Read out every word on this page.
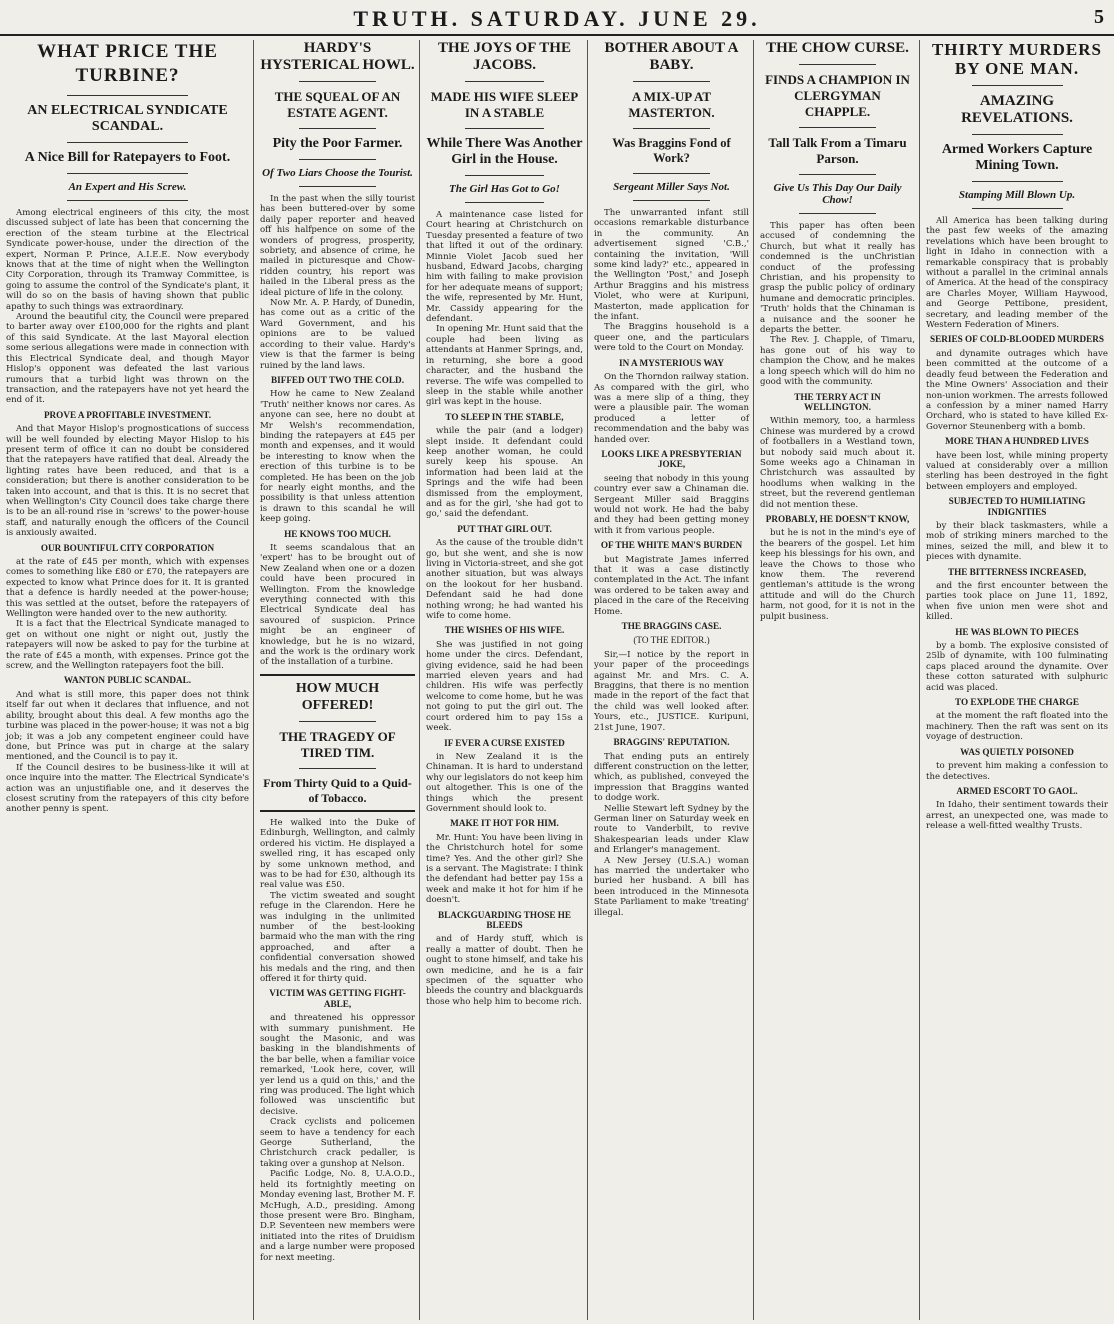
TRUTH. SATURDAY. JUNE 29.	5
WHAT PRICE THE TURBINE?
AN ELECTRICAL SYNDICATE SCANDAL.
A Nice Bill for Ratepayers to Foot.
An Expert and His Screw.

Among electrical engineers of this city, the most discussed subject of late has been that concerning the erection of the steam turbine at the Electrical Syndicate power-house, under the direction of the expert, Norman P. Prince, A.I.E.E. Now everybody knows that at the time of night when the Wellington City Corporation, through its Tramway Committee, is going to assume the control of the Syndicate's plant, it will do so on the basis of having shown that public apathy to such things was extraordinary.

Around the beautiful city, the Council were prepared to barter away over £100,000 for the rights and plant of this said Syndicate. At the last Mayoral election some serious allegations were made in connection with this Electrical Syndicate deal, and though Mayor Hislop's opponent was defeated the last various rumours that a turbid light was thrown on the transaction, and the ratepayers have not yet heard the end of it.

PROVE A PROFITABLE INVESTMENT.

And that Mayor Hislop's prognostications of success will be well founded by electing Mayor Hislop to his present term of office it can no doubt be considered that the ratepayers have ratified that deal. Already the lighting rates have been reduced, and that is a consideration; but there is another consideration to be taken into account, and that is this. It is no secret that when Wellington's City Council does take charge there is to be an all-round rise in 'screws' to the power-house staff, and naturally enough the officers of the Council is anxiously awaited.

OUR BOUNTIFUL CITY CORPORATION

at the rate of £45 per month, which with expenses comes to something like £80 or £70, the ratepayers are expected to know what Prince does for it. It is granted that a defence is hardly needed at the power-house; this was settled at the outset, before the ratepayers of Wellington were handed over to the new authority.

It is a fact that the Electrical Syndicate managed to get on without one night or night out, justly the ratepayers will now be asked to pay for the turbine at the rate of £45 a month, with expenses. Prince got the screw, and the Wellington ratepayers foot the bill.

WANTON PUBLIC SCANDAL.

And what is still more, this paper does not think itself far out when it declares that influence, and not ability, brought about this deal. A few months ago the turbine was placed in the power-house; it was not a big job; it was a job any competent engineer could have done, but Prince was put in charge at the salary mentioned, and the Council is to pay it.

If the Council desires to be business-like it will at once inquire into the matter. The Electrical Syndicate's action was an unjustifiable one, and it deserves the closest scrutiny from the ratepayers of this city before another penny is spent.

HARDY'S HYSTERICAL HOWL.
THE SQUEAL OF AN ESTATE AGENT.
Pity the Poor Farmer.
Of Two Liars Choose the Tourist.

In the past when the silly tourist has been buttered-over by some daily paper reporter and heaved off his halfpence on some of the wonders of progress, prosperity, sobriety, and absence of crime, he mailed in picturesque and Chow-ridden country, his report was hailed in the Liberal press as the ideal picture of life in the colony.

Now Mr. A. P. Hardy, of Dunedin, has come out as a critic of the Ward Government, and his opinions are to be valued according to their value. Hardy's view is that the farmer is being ruined by the land laws.

BIFFED OUT TWO THE COLD.

How he came to New Zealand 'Truth' neither knows nor cares. As anyone can see, here no doubt at Mr Welsh's recommendation, binding the ratepayers at £45 per month and expenses, and it would be interesting to know when the erection of this turbine is to be completed. He has been on the job for nearly eight months, and the possibility is that unless attention is drawn to this scandal he will keep going.

HE KNOWS TOO MUCH.

It seems scandalous that an 'expert' has to be brought out of New Zealand when one or a dozen could have been procured in Wellington. From the knowledge everything connected with this Electrical Syndicate deal has savoured of suspicion. Prince might be an engineer of knowledge, but he is no wizard, and the work is the ordinary work of the installation of a turbine.

HOW MUCH OFFERED!
THE TRAGEDY OF TIRED TIM.
From Thirty Quid to a Quid-of Tobacco.

He walked into the Duke of Edinburgh, Wellington, and calmly ordered his victim. He displayed a swelled ring, it has escaped only by some unknown method, and was to be had for £30, although its real value was £50.

The victim sweated and sought refuge in the Clarendon. Here he was indulging in the unlimited number of the best-looking barmaid who the man with the ring approached, and after a confidential conversation showed his medals and the ring, and then offered it for thirty quid.

VICTIM WAS GETTING FIGHT-ABLE,

and threatened his oppressor with summary punishment. He sought the Masonic, and was basking in the blandishments of the bar belle, when a familiar voice remarked, 'Look here, cover, will yer lend us a quid on this,' and the ring was produced. The light which followed was unscientific but decisive.

Crack cyclists and policemen seem to have a tendency for each George Sutherland, the Christchurch crack pedaller, is taking over a gunshop at Nelson.

Pacific Lodge, No. 8, U.A.O.D., held its fortnightly meeting on Monday evening last, Brother M. F. McHugh, A.D., presiding. Among those present were Bro. Bingham, D.P. Seventeen new members were initiated into the rites of Druidism and a large number were proposed for next meeting.

THE JOYS OF THE JACOBS.
MADE HIS WIFE SLEEP IN A STABLE
While There Was Another Girl in the House.
The Girl Has Got to Go!

A maintenance case listed for Court hearing at Christchurch on Tuesday presented a feature of two that lifted it out of the ordinary. Minnie Violet Jacob sued her husband, Edward Jacobs, charging him with failing to make provision for her adequate means of support; the wife, represented by Mr. Hunt, Mr. Cassidy appearing for the defendant.

In opening Mr. Hunt said that the couple had been living as attendants at Hanmer Springs, and, in returning, she bore a good character, and the husband the reverse. The wife was compelled to sleep in the stable while another girl was kept in the house.

TO SLEEP IN THE STABLE,

while the pair (and a lodger) slept inside. It defendant could keep another woman, he could surely keep his spouse. An information had been laid at the Springs and the wife had been dismissed from the employment, and as for the girl, 'she had got to go,' said the defendant.

PUT THAT GIRL OUT.

As the cause of the trouble didn't go, but she went, and she is now living in Victoria-street, and she got another situation, but was always on the lookout for her husband. Defendant said he had done nothing wrong; he had wanted his wife to come home.

THE WISHES OF HIS WIFE.

She was justified in not going home under the circs. Defendant, giving evidence, said he had been married eleven years and had children. His wife was perfectly welcome to come home, but he was not going to put the girl out. The court ordered him to pay 15s a week.

IF EVER A CURSE EXISTED

in New Zealand it is the Chinaman. It is hard to understand why our legislators do not keep him out altogether. This is one of the things which the present Government should look to.

MAKE IT HOT FOR HIM.

Mr. Hunt: You have been living in the Christchurch hotel for some time? Yes. And the other girl? She is a servant. The Magistrate: I think the defendant had better pay 15s a week and make it hot for him if he doesn't.

BLACKGUARDING THOSE HE BLEEDS

and of Hardy stuff, which is really a matter of doubt. Then he ought to stone himself, and take his own medicine, and he is a fair specimen of the squatter who bleeds the country and blackguards those who help him to become rich.

BOTHER ABOUT A BABY.
A MIX-UP AT MASTERTON.
Was Braggins Fond of Work?
Sergeant Miller Says Not.

The unwarranted infant still occasions remarkable disturbance in the community. An advertisement signed 'C.B.,' containing the invitation, 'Will some kind lady?' etc., appeared in the Wellington 'Post,' and Joseph Arthur Braggins and his mistress Violet, who were at Kuripuni, Masterton, made application for the infant.

The Braggins household is a queer one, and the particulars were told to the Court on Monday.

IN A MYSTERIOUS WAY

On the Thorndon railway station. As compared with the girl, who was a mere slip of a thing, they were a plausible pair. The woman produced a letter of recommendation and the baby was handed over.

LOOKS LIKE A PRESBYTERIAN JOKE,

seeing that nobody in this young country ever saw a Chinaman die. Sergeant Miller said Braggins would not work. He had the baby and they had been getting money with it from various people.

OF THE WHITE MAN'S BURDEN

but Magistrate James inferred that it was a case distinctly contemplated in the Act. The infant was ordered to be taken away and placed in the care of the Receiving Home.

THE BRAGGINS CASE.
(TO THE EDITOR.)

Sir,—I notice by the report in your paper of the proceedings against Mr. and Mrs. C. A. Braggins, that there is no mention made in the report of the fact that the child was well looked after. Yours, etc., JUSTICE. Kuripuni, 21st June, 1907.

BRAGGINS' REPUTATION.

That ending puts an entirely different construction on the letter, which, as published, conveyed the impression that Braggins wanted to dodge work.

Nellie Stewart left Sydney by the German liner on Saturday week en route to Vanderbilt, to revive Shakespearian leads under Klaw and Erlanger's management.

A New Jersey (U.S.A.) woman has married the undertaker who buried her husband. A bill has been introduced in the Minnesota State Parliament to make 'treating' illegal.

THE CHOW CURSE.
FINDS A CHAMPION IN CLERGYMAN CHAPPLE.
Tall Talk From a Timaru Parson.
Give Us This Day Our Daily Chow!

This paper has often been accused of condemning the Church, but what it really has condemned is the unChristian conduct of the professing Christian, and his propensity to grasp the public policy of ordinary humane and democratic principles. 'Truth' holds that the Chinaman is a nuisance and the sooner he departs the better.

The Rev. J. Chapple, of Timaru, has gone out of his way to champion the Chow, and he makes a long speech which will do him no good with the community.

THE TERRY ACT IN WELLINGTON.

Within memory, too, a harmless Chinese was murdered by a crowd of footballers in a Westland town, but nobody said much about it. Some weeks ago a Chinaman in Christchurch was assaulted by hoodlums when walking in the street, but the reverend gentleman did not mention these.

PROBABLY, HE DOESN'T KNOW,

but he is not in the mind's eye of the bearers of the gospel. Let him keep his blessings for his own, and leave the Chows to those who know them. The reverend gentleman's attitude is the wrong attitude and will do the Church harm, not good, for it is not in the pulpit business.

THIRTY MURDERS BY ONE MAN.
AMAZING REVELATIONS.
Armed Workers Capture Mining Town.
Stamping Mill Blown Up.

All America has been talking during the past few weeks of the amazing revelations which have been brought to light in Idaho in connection with a remarkable conspiracy that is probably without a parallel in the criminal annals of America. At the head of the conspiracy are Charles Moyer, William Haywood, and George Pettibone, president, secretary, and leading member of the Western Federation of Miners.

SERIES OF COLD-BLOODED MURDERS

and dynamite outrages which have been committed at the outcome of a deadly feud between the Federation and the Mine Owners' Association and their non-union workmen. The arrests followed a confession by a miner named Harry Orchard, who is stated to have killed Ex-Governor Steunenberg with a bomb.

MORE THAN A HUNDRED LIVES

have been lost, while mining property valued at considerably over a million sterling has been destroyed in the fight between employers and employed.

SUBJECTED TO HUMILIATING INDIGNITIES

by their black taskmasters, while a mob of striking miners marched to the mines, seized the mill, and blew it to pieces with dynamite.

THE BITTERNESS INCREASED,

and the first encounter between the parties took place on June 11, 1892, when five union men were shot and killed.

HE WAS BLOWN TO PIECES

by a bomb. The explosive consisted of 25lb of dynamite, with 100 fulminating caps placed around the dynamite. Over these cotton saturated with sulphuric acid was placed.

TO EXPLODE THE CHARGE

at the moment the raft floated into the machinery. Then the raft was sent on its voyage of destruction.

WAS QUIETLY POISONED

to prevent him making a confession to the detectives.

ARMED ESCORT TO GAOL.

In Idaho, their sentiment towards their arrest, an unexpected one, was made to release a well-fitted wealthy Trusts.
